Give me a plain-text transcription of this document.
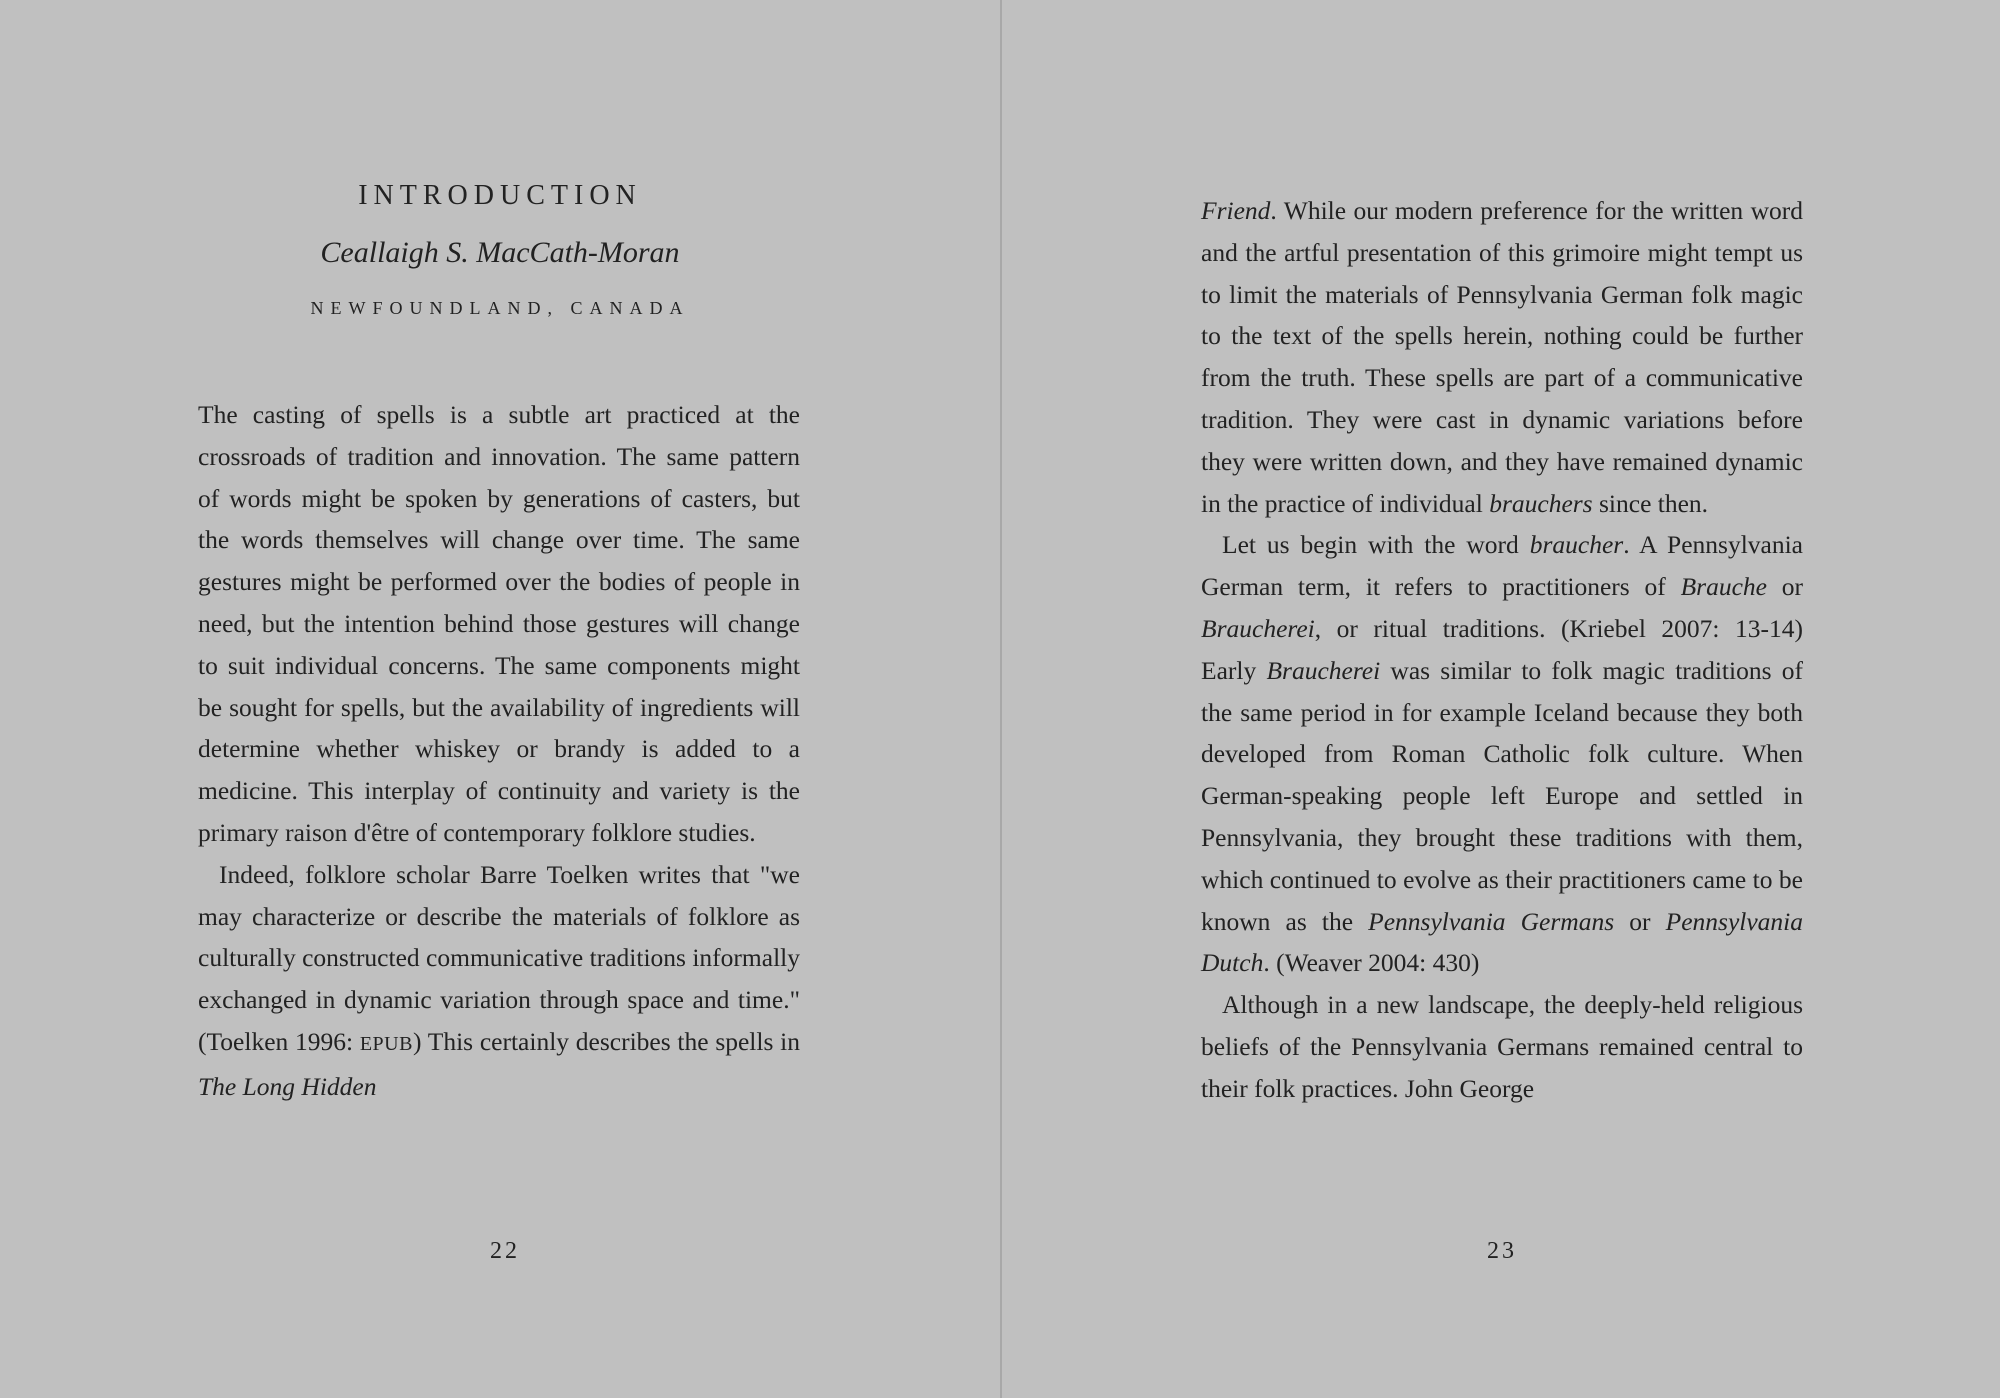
INTRODUCTION
Ceallaigh S. MacCath-Moran
NEWFOUNDLAND, CANADA

The casting of spells is a subtle art practiced at the crossroads of tradition and innovation. The same pattern of words might be spoken by generations of casters, but the words themselves will change over time. The same gestures might be performed over the bodies of people in need, but the intention behind those gestures will change to suit individual concerns. The same components might be sought for spells, but the availability of ingredients will determine whether whiskey or brandy is added to a medicine. This interplay of continuity and variety is the primary raison d'être of contemporary folklore studies.

Indeed, folklore scholar Barre Toelken writes that "we may characterize or describe the materials of folklore as culturally constructed communicative traditions informally exchanged in dynamic variation through space and time." (Toelken 1996: EPUB) This certainly describes the spells in The Long Hidden

22

Friend. While our modern preference for the written word and the artful presentation of this grimoire might tempt us to limit the materials of Pennsylvania German folk magic to the text of the spells herein, nothing could be further from the truth. These spells are part of a communicative tradition. They were cast in dynamic variations before they were written down, and they have remained dynamic in the practice of individual brauchers since then.

Let us begin with the word braucher. A Pennsylvania German term, it refers to practitioners of Brauche or Braucherei, or ritual traditions. (Kriebel 2007: 13-14) Early Braucherei was similar to folk magic traditions of the same period in for example Iceland because they both developed from Roman Catholic folk culture. When German-speaking people left Europe and settled in Pennsylvania, they brought these traditions with them, which continued to evolve as their practitioners came to be known as the Pennsylvania Germans or Pennsylvania Dutch. (Weaver 2004: 430)

Although in a new landscape, the deeply-held religious beliefs of the Pennsylvania Germans remained central to their folk practices. John George

23
